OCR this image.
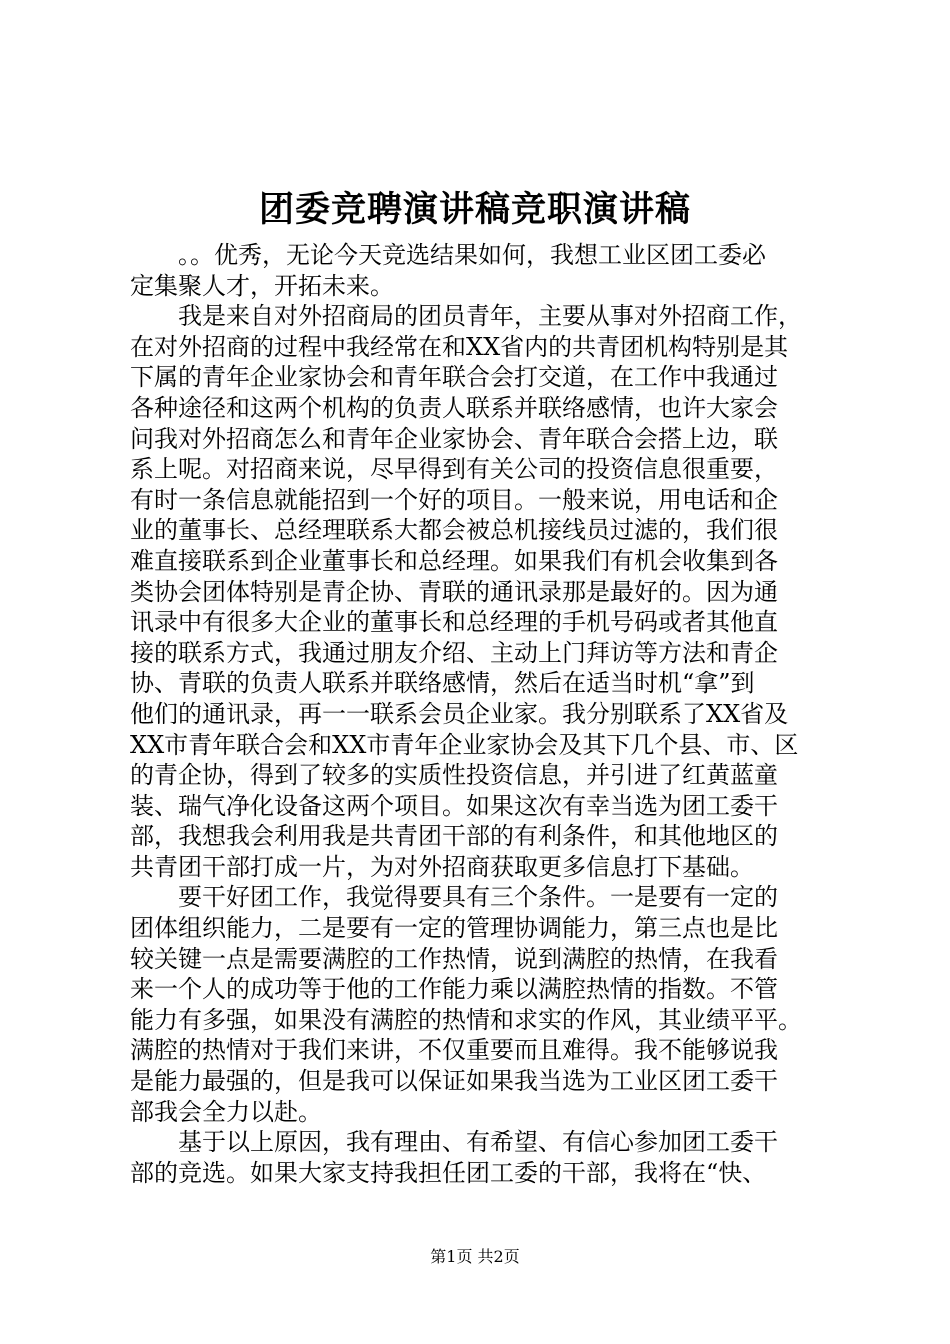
团委竞聘演讲稿竞职演讲稿
　　。。优秀，无论今天竞选结果如何，我想工业区团工委必
定集聚人才，开拓未来。
　　我是来自对外招商局的团员青年，主要从事对外招商工作，
在对外招商的过程中我经常在和XX省内的共青团机构特别是其
下属的青年企业家协会和青年联合会打交道，在工作中我通过
各种途径和这两个机构的负责人联系并联络感情，也许大家会
问我对外招商怎么和青年企业家协会、青年联合会搭上边，联
系上呢。对招商来说，尽早得到有关公司的投资信息很重要，
有时一条信息就能招到一个好的项目。一般来说，用电话和企
业的董事长、总经理联系大都会被总机接线员过滤的，我们很
难直接联系到企业董事长和总经理。如果我们有机会收集到各
类协会团体特别是青企协、青联的通讯录那是最好的。因为通
讯录中有很多大企业的董事长和总经理的手机号码或者其他直
接的联系方式，我通过朋友介绍、主动上门拜访等方法和青企
协、青联的负责人联系并联络感情，然后在适当时机“拿”到
他们的通讯录，再一一联系会员企业家。我分别联系了XX省及
XX市青年联合会和XX市青年企业家协会及其下几个县、市、区
的青企协，得到了较多的实质性投资信息，并引进了红黄蓝童
装、瑞气净化设备这两个项目。如果这次有幸当选为团工委干
部，我想我会利用我是共青团干部的有利条件，和其他地区的
共青团干部打成一片，为对外招商获取更多信息打下基础。
　　要干好团工作，我觉得要具有三个条件。一是要有一定的
团体组织能力，二是要有一定的管理协调能力，第三点也是比
较关键一点是需要满腔的工作热情，说到满腔的热情，在我看
来一个人的成功等于他的工作能力乘以满腔热情的指数。不管
能力有多强，如果没有满腔的热情和求实的作风，其业绩平平。
满腔的热情对于我们来讲，不仅重要而且难得。我不能够说我
是能力最强的，但是我可以保证如果我当选为工业区团工委干
部我会全力以赴。
　　基于以上原因，我有理由、有希望、有信心参加团工委干
部的竞选。如果大家支持我担任团工委的干部，我将在“快、
第1页 共2页
